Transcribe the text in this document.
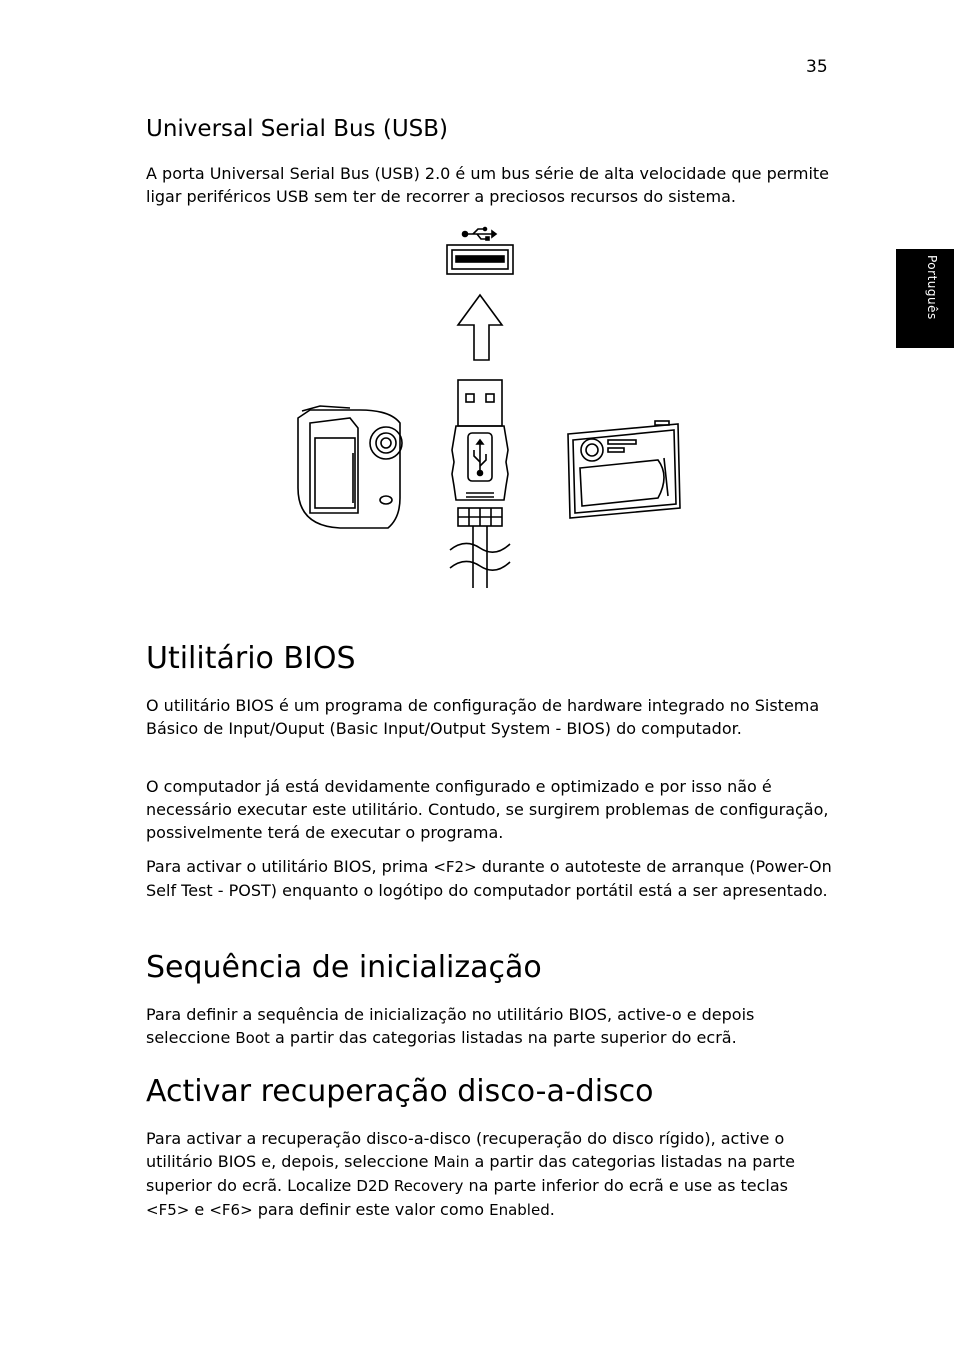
35
Português
Universal Serial Bus (USB)

A porta Universal Serial Bus (USB) 2.0 é um bus série de alta velocidade que permite ligar periféricos USB sem ter de recorrer a preciosos recursos do sistema.

Utilitário BIOS

O utilitário BIOS é um programa de configuração de hardware integrado no Sistema Básico de Input/Ouput (Basic Input/Output System - BIOS) do computador.

O computador já está devidamente configurado e optimizado e por isso não é necessário executar este utilitário. Contudo, se surgirem problemas de configuração, possivelmente terá de executar o programa.

Para activar o utilitário BIOS, prima <F2> durante o autoteste de arranque (Power-On Self Test - POST) enquanto o logótipo do computador portátil está a ser apresentado.

Sequência de inicialização

Para definir a sequência de inicialização no utilitário BIOS, active-o e depois seleccione Boot a partir das categorias listadas na parte superior do ecrã.

Activar recuperação disco-a-disco

Para activar a recuperação disco-a-disco (recuperação do disco rígido), active o utilitário BIOS e, depois, seleccione Main a partir das categorias listadas na parte superior do ecrã. Localize D2D Recovery na parte inferior do ecrã e use as teclas <F5> e <F6> para definir este valor como Enabled.
